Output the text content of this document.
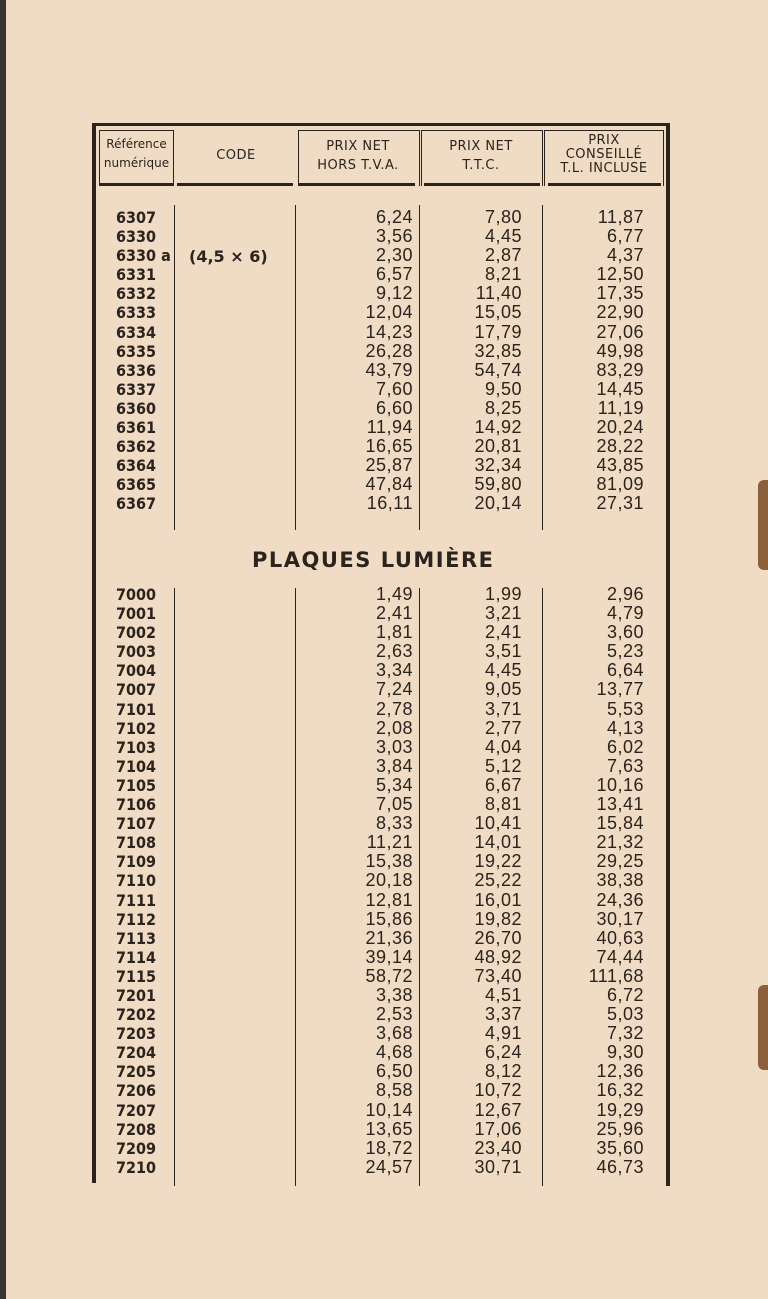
Référence
numérique	CODE
PRIX NET
HORS T.V.A.
PRIX NET
T.T.C.
PRIX
CONSEILLÉ
T.L. INCLUSE
(4,5 × 6)
6307
6330
6330 a
6331
6332
6333
6334
6335
6336
6337
6360
6361
6362
6364
6365
6367
6,24
3,56
2,30
6,57
9,12
12,04
14,23
26,28
43,79
7,60
6,60
11,94
16,65
25,87
47,84
16,11
7,80
4,45
2,87
8,21
11,40
15,05
17,79
32,85
54,74
9,50
8,25
14,92
20,81
32,34
59,80
20,14
11,87
6,77
4,37
12,50
17,35
22,90
27,06
49,98
83,29
14,45
11,19
20,24
28,22
43,85
81,09
27,31
PLAQUES LUMIÈRE
7000
7001
7002
7003
7004
7007
7101
7102
7103
7104
7105
7106
7107
7108
7109
7110
7111
7112
7113
7114
7115
7201
7202
7203
7204
7205
7206
7207
7208
7209
7210
1,49
2,41
1,81
2,63
3,34
7,24
2,78
2,08
3,03
3,84
5,34
7,05
8,33
11,21
15,38
20,18
12,81
15,86
21,36
39,14
58,72
3,38
2,53
3,68
4,68
6,50
8,58
10,14
13,65
18,72
24,57
1,99
3,21
2,41
3,51
4,45
9,05
3,71
2,77
4,04
5,12
6,67
8,81
10,41
14,01
19,22
25,22
16,01
19,82
26,70
48,92
73,40
4,51
3,37
4,91
6,24
8,12
10,72
12,67
17,06
23,40
30,71
2,96
4,79
3,60
5,23
6,64
13,77
5,53
4,13
6,02
7,63
10,16
13,41
15,84
21,32
29,25
38,38
24,36
30,17
40,63
74,44
111,68
6,72
5,03
7,32
9,30
12,36
16,32
19,29
25,96
35,60
46,73
